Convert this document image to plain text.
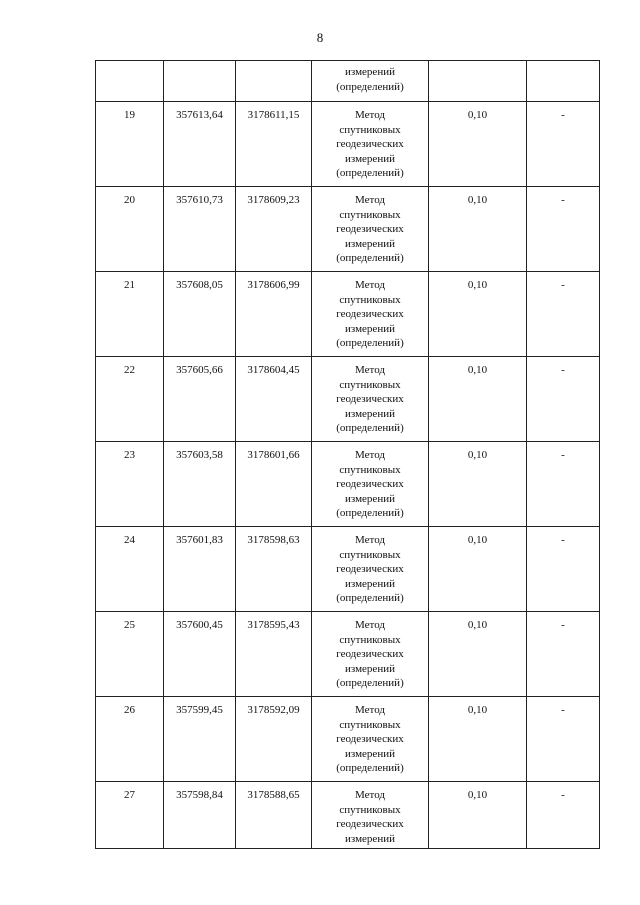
8

			измерений
(определений)		

19	357613,64	3178611,15	Метод
спутниковых
геодезических
измерений
(определений)	0,10	-

20	357610,73	3178609,23	Метод
спутниковых
геодезических
измерений
(определений)	0,10	-

21	357608,05	3178606,99	Метод
спутниковых
геодезических
измерений
(определений)	0,10	-

22	357605,66	3178604,45	Метод
спутниковых
геодезических
измерений
(определений)	0,10	-

23	357603,58	3178601,66	Метод
спутниковых
геодезических
измерений
(определений)	0,10	-

24	357601,83	3178598,63	Метод
спутниковых
геодезических
измерений
(определений)	0,10	-

25	357600,45	3178595,43	Метод
спутниковых
геодезических
измерений
(определений)	0,10	-

26	357599,45	3178592,09	Метод
спутниковых
геодезических
измерений
(определений)	0,10	-

27	357598,84	3178588,65	Метод
спутниковых
геодезических
измерений	0,10	-
